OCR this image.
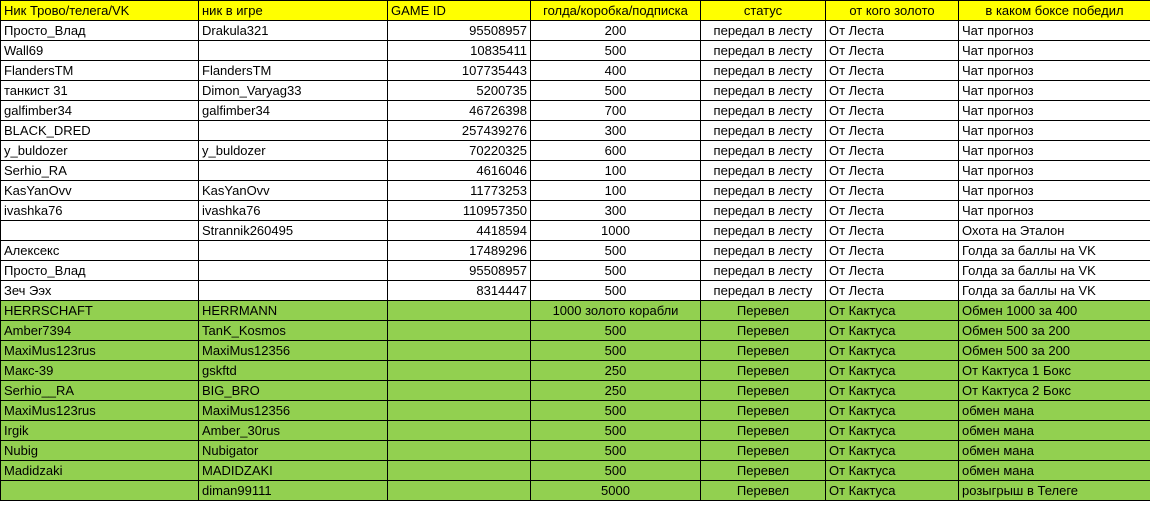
Ник Трово/телега/VK	ник в игре	GAME ID	голда/коробка/подписка	статус	от кого золото	в каком боксе победил
Просто_Влад	Drakula321	95508957	200	передал в лесту	От Леста	Чат прогноз
Wall69		10835411	500	передал в лесту	От Леста	Чат прогноз
FlandersTM	FlandersTM	107735443	400	передал в лесту	От Леста	Чат прогноз
танкист 31	Dimon_Varyag33	5200735	500	передал в лесту	От Леста	Чат прогноз
galfimber34	galfimber34	46726398	700	передал в лесту	От Леста	Чат прогноз
BLACK_DRED		257439276	300	передал в лесту	От Леста	Чат прогноз
y_buldozer	y_buldozer	70220325	600	передал в лесту	От Леста	Чат прогноз
Serhio_RA		4616046	100	передал в лесту	От Леста	Чат прогноз
KasYanOvv	KasYanOvv	11773253	100	передал в лесту	От Леста	Чат прогноз
ivashka76	ivashka76	110957350	300	передал в лесту	От Леста	Чат прогноз
	Strannik260495	4418594	1000	передал в лесту	От Леста	Охота на Эталон
Алексекс		17489296	500	передал в лесту	От Леста	Голда за баллы на VK
Просто_Влад		95508957	500	передал в лесту	От Леста	Голда за баллы на VK
Зеч Ээх		8314447	500	передал в лесту	От Леста	Голда за баллы на VK
HERRSCHAFT	HERRMANN		1000 золото корабли	Перевел	От Кактуса	Обмен 1000 за 400
Amber7394	TanK_Kosmos		500	Перевел	От Кактуса	Обмен 500 за 200
MaxiMus123rus	MaxiMus12356		500	Перевел	От Кактуса	Обмен 500 за 200
Макс-39	gskftd		250	Перевел	От Кактуса	От Кактуса 1 Бокс
Serhio__RA	BIG_BRO		250	Перевел	От Кактуса	От Кактуса 2 Бокс
MaxiMus123rus	MaxiMus12356		500	Перевел	От Кактуса	обмен мана
Irgik	Amber_30rus		500	Перевел	От Кактуса	обмен мана
Nubig	Nubigator		500	Перевел	От Кактуса	обмен мана
Madidzaki	MADIDZAKI		500	Перевел	От Кактуса	обмен мана
	diman99111		5000	Перевел	От Кактуса	розыгрыш в Телеге
